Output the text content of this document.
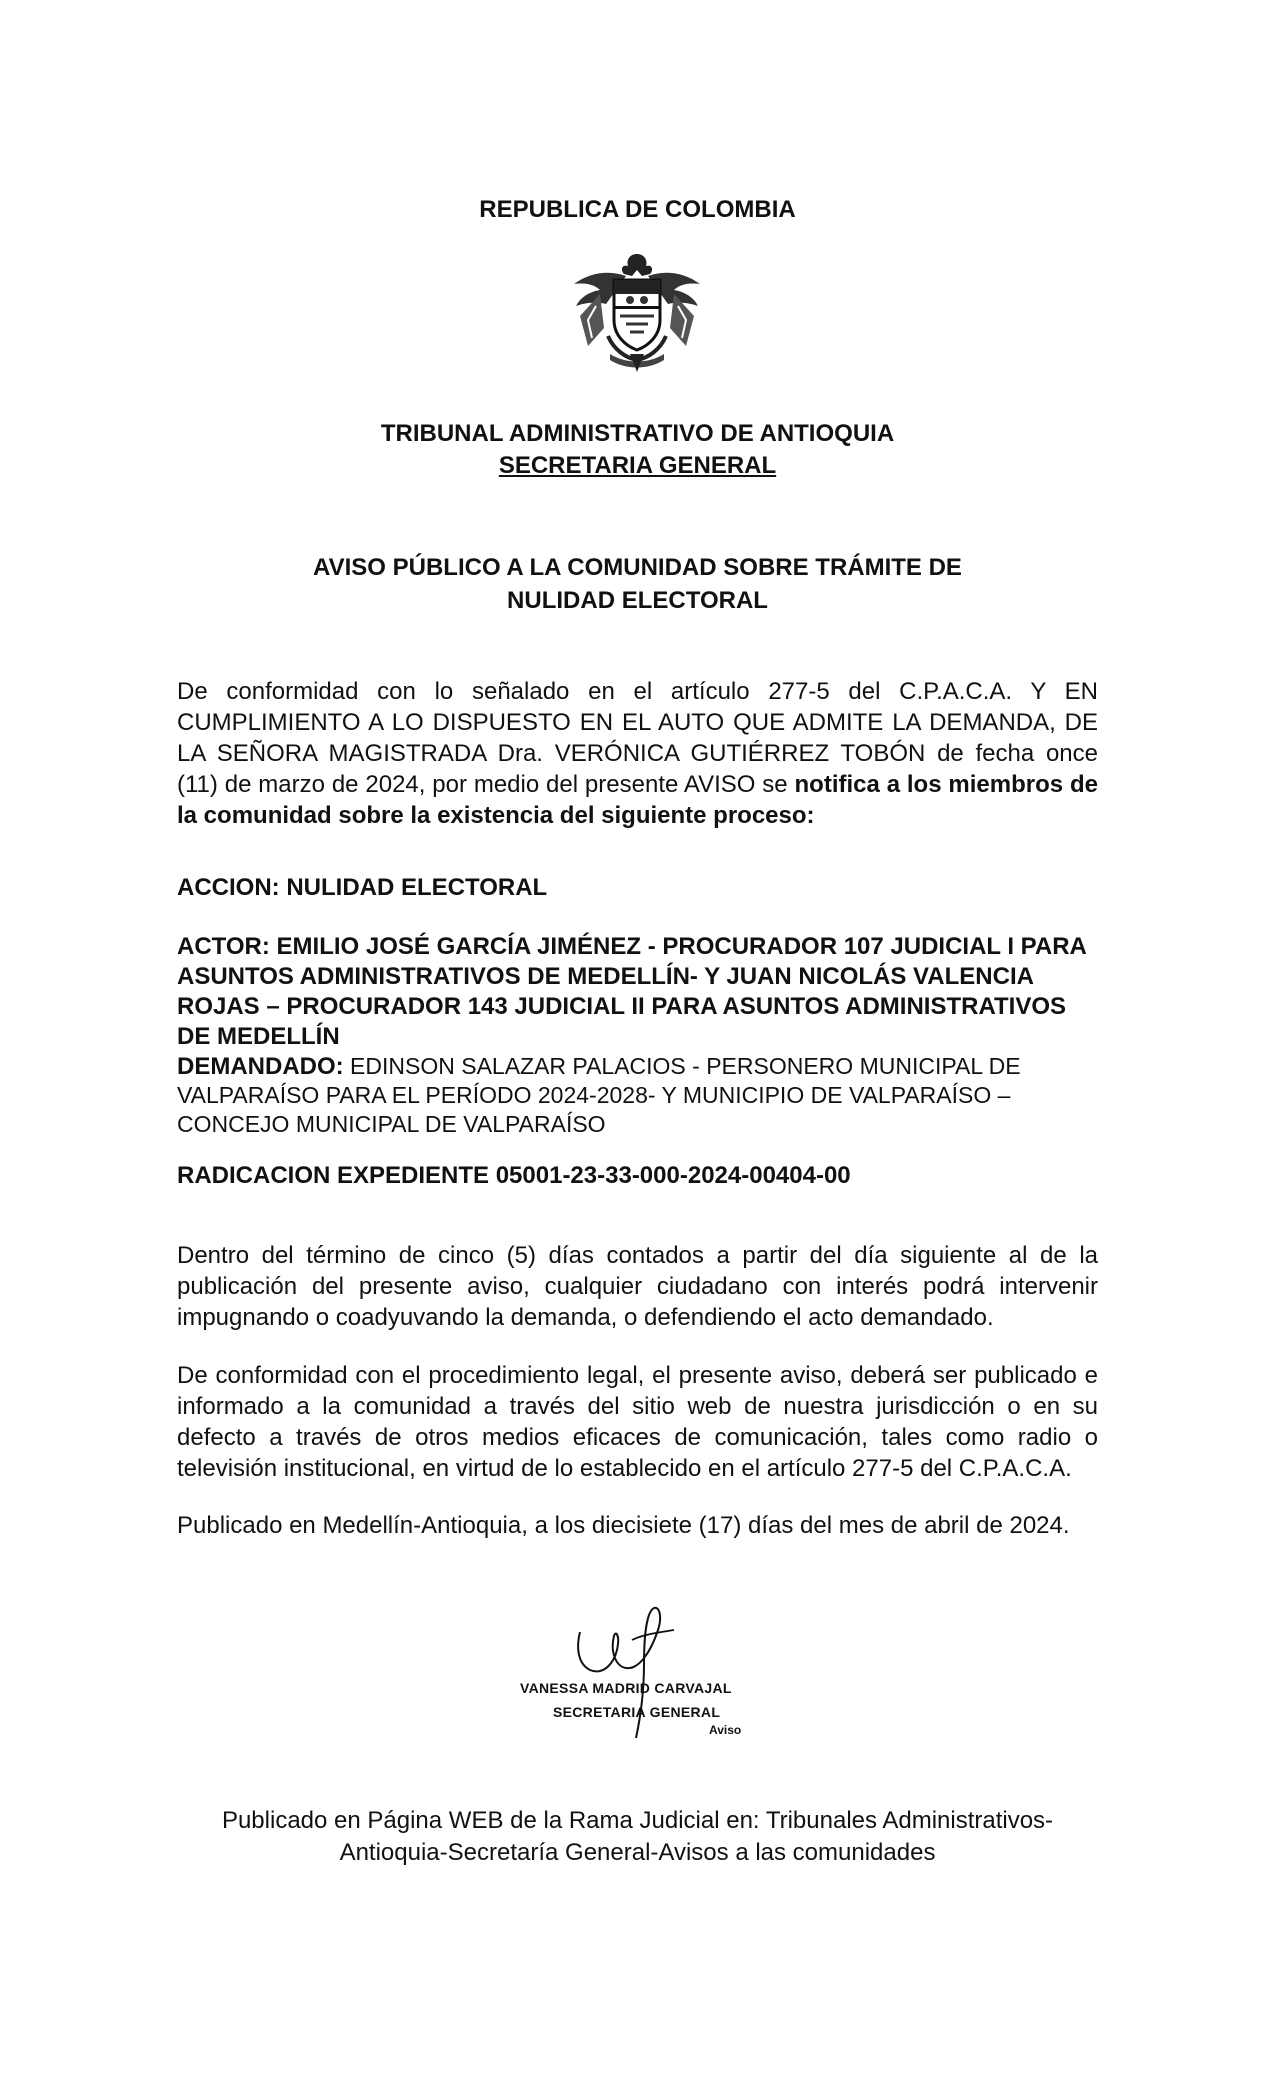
REPUBLICA DE COLOMBIA
TRIBUNAL ADMINISTRATIVO DE ANTIOQUIA
SECRETARIA GENERAL
AVISO PÚBLICO A LA COMUNIDAD SOBRE TRÁMITE DE
NULIDAD ELECTORAL
De conformidad con lo señalado en el artículo 277-5 del C.P.A.C.A. Y EN CUMPLIMIENTO A LO DISPUESTO EN EL AUTO QUE ADMITE LA DEMANDA, DE LA SEÑORA MAGISTRADA Dra. VERÓNICA GUTIÉRREZ TOBÓN de fecha once (11) de marzo de 2024, por medio del presente AVISO se notifica a los miembros de la comunidad sobre la existencia del siguiente proceso:
ACCION: NULIDAD ELECTORAL
ACTOR: EMILIO JOSÉ GARCÍA JIMÉNEZ - PROCURADOR 107 JUDICIAL I PARA ASUNTOS ADMINISTRATIVOS DE MEDELLÍN- Y JUAN NICOLÁS VALENCIA ROJAS – PROCURADOR 143 JUDICIAL II PARA ASUNTOS ADMINISTRATIVOS DE MEDELLÍN
DEMANDADO: EDINSON SALAZAR PALACIOS - PERSONERO MUNICIPAL DE VALPARAÍSO PARA EL PERÍODO 2024-2028- Y MUNICIPIO DE VALPARAÍSO – CONCEJO MUNICIPAL DE VALPARAÍSO
RADICACION EXPEDIENTE 05001-23-33-000-2024-00404-00
Dentro del término de cinco (5) días contados a partir del día siguiente al de la publicación del presente aviso, cualquier ciudadano con interés podrá intervenir impugnando o coadyuvando la demanda, o defendiendo el acto demandado.
De conformidad con el procedimiento legal, el presente aviso, deberá ser publicado e informado a la comunidad a través del sitio web de nuestra jurisdicción o en su defecto a través de otros medios eficaces de comunicación, tales como radio o televisión institucional, en virtud de lo establecido en el artículo 277-5 del C.P.A.C.A.
Publicado en Medellín-Antioquia, a los diecisiete (17) días del mes de abril de 2024.
VANESSA MADRID CARVAJAL
SECRETARIA GENERAL
Aviso
Publicado en Página WEB de la Rama Judicial en: Tribunales Administrativos-
Antioquia-Secretaría General-Avisos a las comunidades
